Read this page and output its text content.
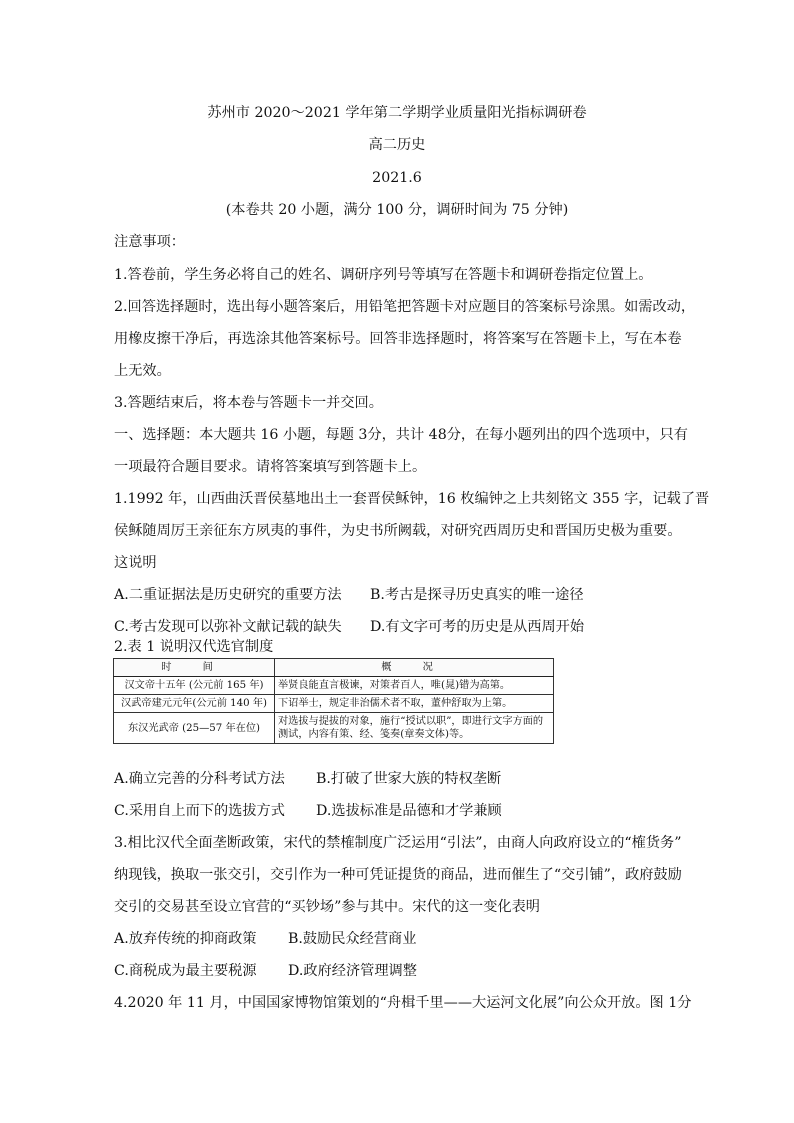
苏州市 2020～2021 学年第二学期学业质量阳光指标调研卷
高二历史
2021.6
(本卷共 20 小题，满分 100 分，调研时间为 75 分钟)
注意事项：
1.答卷前，学生务必将自己的姓名、调研序列号等填写在答题卡和调研卷指定位置上。
2.回答选择题时，选出每小题答案后，用铅笔把答题卡对应题目的答案标号涂黑。如需改动，
用橡皮擦干净后，再选涂其他答案标号。回答非选择题时，将答案写在答题卡上，写在本卷
上无效。
3.答题结束后，将本卷与答题卡一并交回。
一、选择题：本大题共 16 小题，每题 3分，共计 48分，在每小题列出的四个选项中，只有
一项最符合题目要求。请将答案填写到答题卡上。
1.1992 年，山西曲沃晋侯墓地出土一套晋侯稣钟，16 枚编钟之上共刻铭文 355 字，记载了晋
侯稣随周厉王亲征东方夙夷的事件，为史书所阙载，对研究西周历史和晋国历史极为重要。
这说明
A.二重证据法是历史研究的重要方法 B.考古是探寻历史真实的唯一途径
C.考古发现可以弥补文献记载的缺失 D.有文字可考的历史是从西周开始
2.表 1 说明汉代选官制度
时 间	概 况
汉文帝十五年 (公元前 165 年)	举贤良能直言极谏，对策者百人，唯(晁)错为高第。
汉武帝建元元年(公元前 140 年)	下诏举士，规定非治儒术者不取，董仲舒取为上第。
东汉光武帝 (25—57 年在位)	对选拔与提拔的对象，施行“授试以职”，即进行文字方面的测试，内容有策、经、笺奏(章奏文体)等。
A.确立完善的分科考试方法 B.打破了世家大族的特权垄断
C.采用自上而下的选拔方式 D.选拔标准是品德和才学兼顾
3.相比汉代全面垄断政策，宋代的禁榷制度广泛运用“引法”，由商人向政府设立的“榷货务”
纳现钱，换取一张交引，交引作为一种可凭证提货的商品，进而催生了“交引铺”，政府鼓励
交引的交易甚至设立官营的“买钞场”参与其中。宋代的这一变化表明
A.放弃传统的抑商政策 B.鼓励民众经营商业
C.商税成为最主要税源 D.政府经济管理调整
4.2020 年 11 月，中国国家博物馆策划的“舟楫千里——大运河文化展”向公众开放。图 1分
